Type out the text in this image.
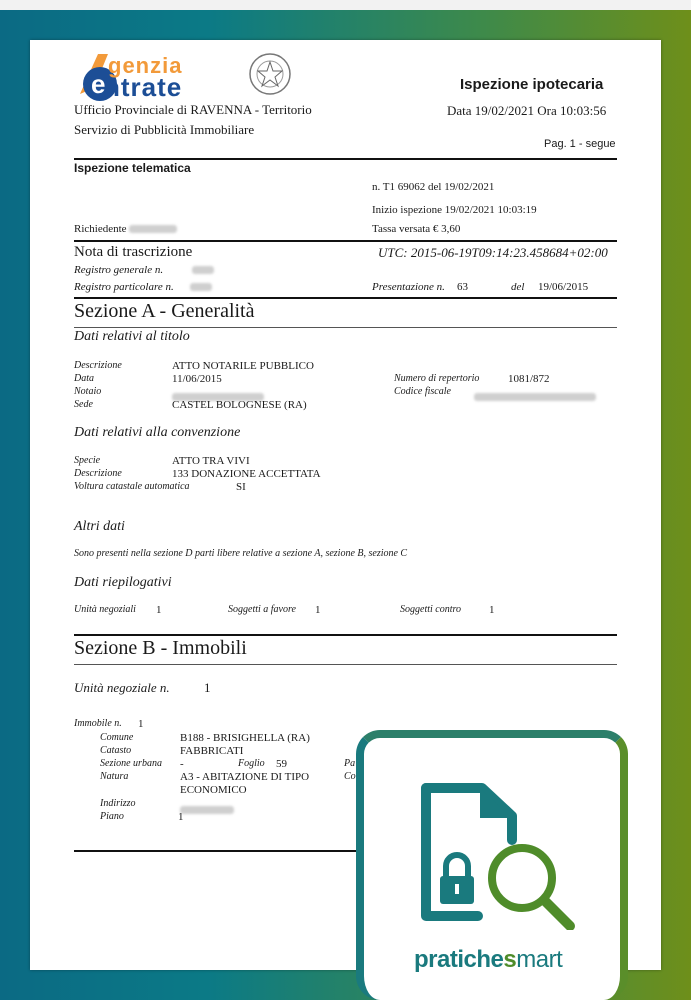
e
genzia
ntrate
Ufficio Provinciale di RAVENNA - Territorio
Servizio di Pubblicità Immobiliare
Ispezione ipotecaria
Data 19/02/2021 Ora 10:03:56
Pag. 1 - segue
Ispezione telematica
n. T1 69062 del 19/02/2021
Inizio ispezione 19/02/2021 10:03:19
Richiedente	Tassa versata € 3,60
Nota di trascrizione	UTC: 2015-06-19T09:14:23.458684+02:00
Registro generale n.
Registro particolare n.	Presentazione n. 63	del 19/06/2015
Sezione A - Generalità
Dati relativi al titolo
Descrizione	ATTO NOTARILE PUBBLICO
Data	11/06/2015
Notaio
Sede	CASTEL BOLOGNESE (RA)
Numero di repertorio	1081/872
Codice fiscale
Dati relativi alla convenzione
Specie	ATTO TRA VIVI
Descrizione	133 DONAZIONE ACCETTATA
Voltura catastale automatica	SI
Altri dati
Sono presenti nella sezione D parti libere relative a sezione A, sezione B, sezione C
Dati riepilogativi
Unità negoziali 1	Soggetti a favore 1	Soggetti contro	1
Sezione B - Immobili
Unità negoziale n.	1
Immobile n. 1
Comune	B188 - BRISIGHELLA (RA)
Catasto	FABBRICATI
Sezione urbana -	Foglio 59	Pa
Natura	A3 - ABITAZIONE DI TIPO
ECONOMICO
Co
Indirizzo
Piano	1
pratichesmart
